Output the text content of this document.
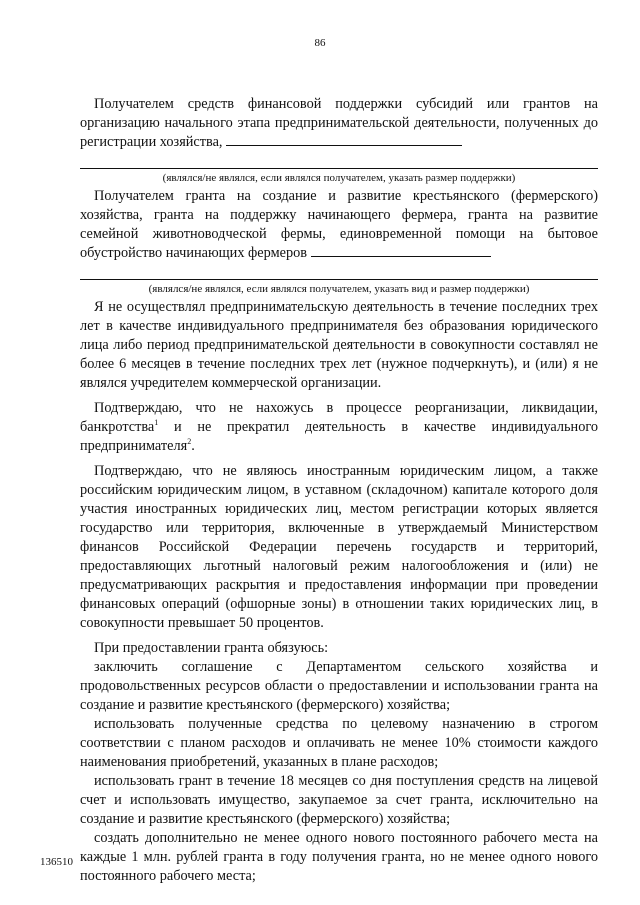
86

Получателем средств финансовой поддержки субсидий или грантов на организацию начального этапа предпринимательской деятельности, полученных до регистрации хозяйства,

(являлся/не являлся, если являлся получателем, указать размер поддержки)

Получателем гранта на создание и развитие крестьянского (фермерского) хозяйства, гранта на поддержку начинающего фермера, гранта на развитие семейной животноводческой фермы, единовременной помощи на бытовое обустройство начинающих фермеров

(являлся/не являлся, если являлся получателем, указать вид и размер поддержки)

Я не осуществлял предпринимательскую деятельность в течение последних трех лет в качестве индивидуального предпринимателя без образования юридического лица либо период предпринимательской деятельности в совокупности составлял не более 6 месяцев в течение последних трех лет (нужное подчеркнуть), и (или) я не являлся учредителем коммерческой организации.

Подтверждаю, что не нахожусь в процессе реорганизации, ликвидации, банкротства$^1$ и не прекратил деятельность в качестве индивидуального предпринимателя$^2$.

Подтверждаю, что не являюсь иностранным юридическим лицом, а также российским юридическим лицом, в уставном (складочном) капитале которого доля участия иностранных юридических лиц, местом регистрации которых является государство или территория, включенные в утверждаемый Министерством финансов Российской Федерации перечень государств и территорий, предоставляющих льготный налоговый режим налогообложения и (или) не предусматривающих раскрытия и предоставления информации при проведении финансовых операций (офшорные зоны) в отношении таких юридических лиц, в совокупности превышает 50 процентов.

При предоставлении гранта обязуюсь:

заключить соглашение с Департаментом сельского хозяйства и продовольственных ресурсов области о предоставлении и использовании гранта на создание и развитие крестьянского (фермерского) хозяйства;

использовать полученные средства по целевому назначению в строгом соответствии с планом расходов и оплачивать не менее 10% стоимости каждого наименования приобретений, указанных в плане расходов;

использовать грант в течение 18 месяцев со дня поступления средств на лицевой счет и использовать имущество, закупаемое за счет гранта, исключительно на создание и развитие крестьянского (фермерского) хозяйства;

создать дополнительно не менее одного нового постоянного рабочего места на каждые 1 млн. рублей гранта в году получения гранта, но не менее одного нового постоянного рабочего места;

136510
